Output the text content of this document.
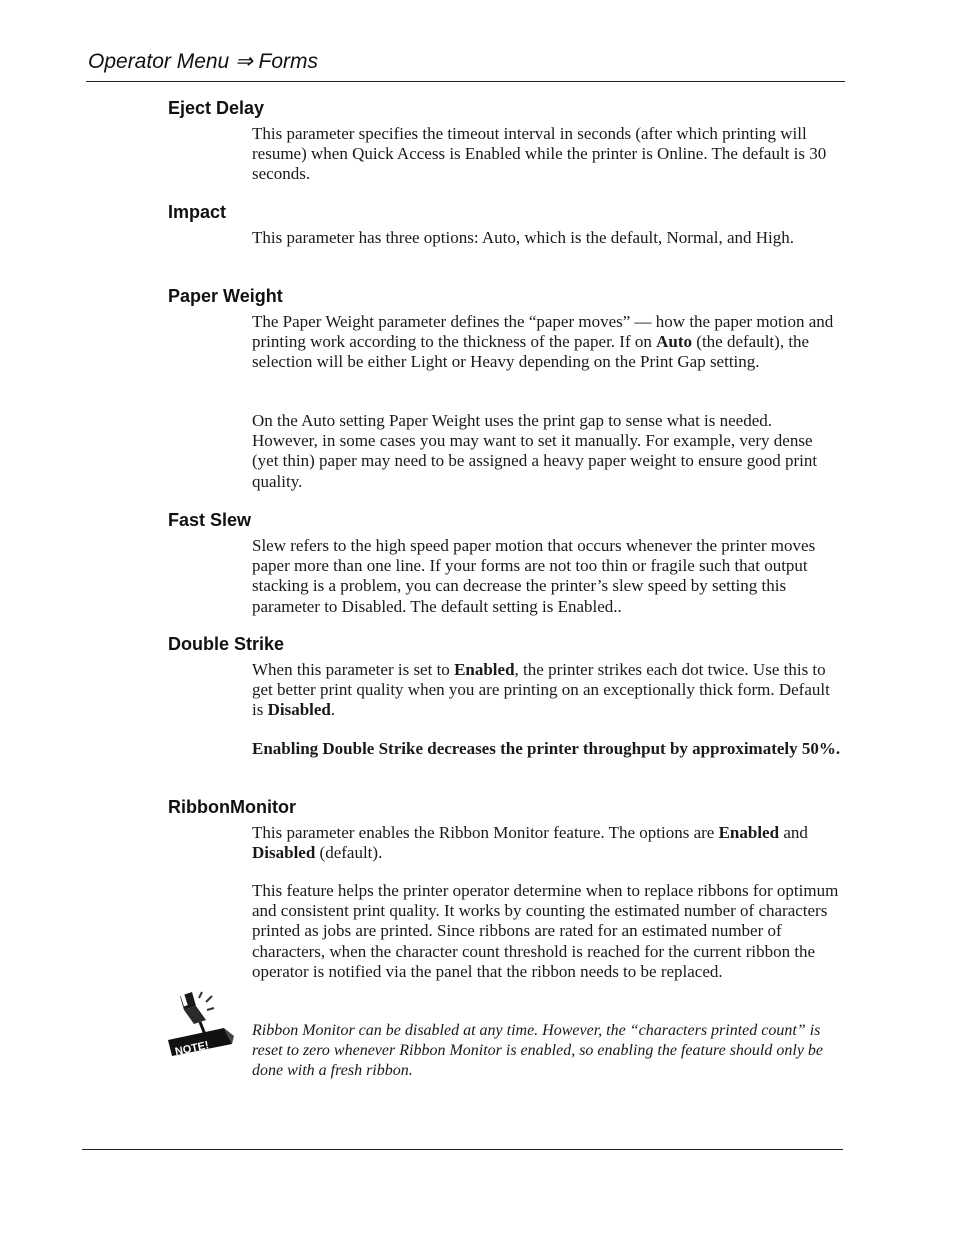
Operator Menu ⇒ Forms
Eject Delay

This parameter specifies the timeout interval in seconds (after which printing will resume) when Quick Access is Enabled while the printer is Online. The default is 30 seconds.

Impact

This parameter has three options: Auto, which is the default, Normal, and High.

Paper Weight

The Paper Weight parameter defines the “paper moves” — how the paper motion and printing work according to the thickness of the paper. If on Auto (the default), the selection will be either Light or Heavy depending on the Print Gap setting.

On the Auto setting Paper Weight uses the print gap to sense what is needed. However, in some cases you may want to set it manually. For example, very dense (yet thin) paper may need to be assigned a heavy paper weight to ensure good print quality.

Fast Slew

Slew refers to the high speed paper motion that occurs whenever the printer moves paper more than one line. If your forms are not too thin or fragile such that output stacking is a problem, you can decrease the printer’s slew speed by setting this parameter to Disabled. The default setting is Enabled..

Double Strike

When this parameter is set to Enabled, the printer strikes each dot twice. Use this to get better print quality when you are printing on an exceptionally thick form. Default is Disabled.

Enabling Double Strike decreases the printer throughput by approximately 50%.

RibbonMonitor

This parameter enables the Ribbon Monitor feature. The options are Enabled and Disabled (default).

This feature helps the printer operator determine when to replace ribbons for optimum and consistent print quality. It works by counting the estimated number of characters printed as jobs are printed. Since ribbons are rated for an estimated number of characters, when the character count threshold is reached for the current ribbon the operator is notified via the panel that the ribbon needs to be replaced.

NOTE!

Ribbon Monitor can be disabled at any time. However, the “characters printed count” is reset to zero whenever Ribbon Monitor is enabled, so enabling the feature should only be done with a fresh ribbon.
